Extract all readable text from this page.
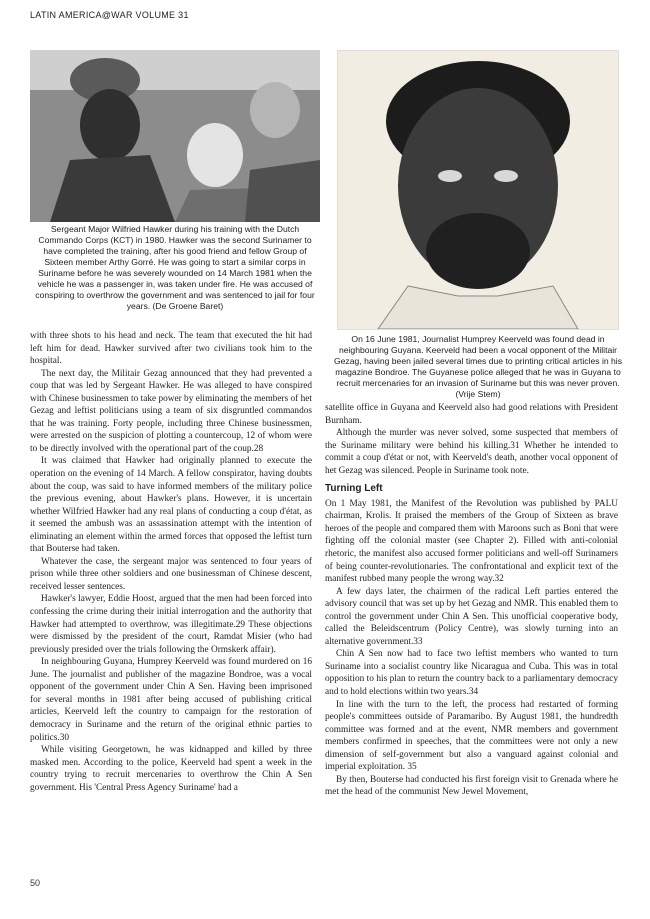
LATIN AMERICA@WAR VOLUME 31
Sergeant Major Wilfried Hawker during his training with the Dutch Commando Corps (KCT) in 1980. Hawker was the second Surinamer to have completed the training, after his good friend and fellow Group of Sixteen member Arthy Gorré. He was going to start a similar corps in Suriname before he was severely wounded on 14 March 1981 when the vehicle he was a passenger in, was taken under fire. He was accused of conspiring to overthrow the government and was sentenced to jail for four years. (De Groene Baret)
On 16 June 1981, Journalist Humprey Keerveld was found dead in neighbouring Guyana. Keerveld had been a vocal opponent of the Militair Gezag, having been jailed several times due to printing critical articles in his magazine Bondroe. The Guyanese police alleged that he was in Guyana to recruit mercenaries for an invasion of Suriname but this was never proven. (Vrije Stem)

with three shots to his head and neck. The team that executed the hit had left him for dead. Hawker survived after two civilians took him to the hospital.

The next day, the Militair Gezag announced that they had prevented a coup that was led by Sergeant Hawker. He was alleged to have conspired with Chinese businessmen to take power by eliminating the members of het Gezag and leftist politicians using a team of six disgruntled commandos that he was training. Forty people, including three Chinese businessmen, were arrested on the suspicion of plotting a countercoup, 12 of whom were to be directly involved with the operational part of the coup.28

It was claimed that Hawker had originally planned to execute the operation on the evening of 14 March. A fellow conspirator, having doubts about the coup, was said to have informed members of the military police the previous evening, about Hawker's plans. However, it is uncertain whether Wilfried Hawker had any real plans of conducting a coup d'état, as it seemed the ambush was an assassination attempt with the intention of eliminating an element within the armed forces that opposed the leftist turn that Bouterse had taken.

Whatever the case, the sergeant major was sentenced to four years of prison while three other soldiers and one businessman of Chinese descent, received lesser sentences.

Hawker's lawyer, Eddie Hoost, argued that the men had been forced into confessing the crime during their initial interrogation and the authority that Hawker had attempted to overthrow, was illegitimate.29 These objections were dismissed by the president of the court, Ramdat Misier (who had previously presided over the trials following the Ormskerk affair).

In neighbouring Guyana, Humprey Keerveld was found murdered on 16 June. The journalist and publisher of the magazine Bondroe, was a vocal opponent of the government under Chin A Sen. Having been imprisoned for several months in 1981 after being accused of publishing critical articles, Keerveld left the country to campaign for the restoration of democracy in Suriname and the return of the original ethnic parties to politics.30

While visiting Georgetown, he was kidnapped and killed by three masked men. According to the police, Keerveld had spent a week in the country trying to recruit mercenaries to overthrow the Chin A Sen government. His 'Central Press Agency Suriname' had a

satellite office in Guyana and Keerveld also had good relations with President Burnham.

Although the murder was never solved, some suspected that members of the Suriname military were behind his killing.31 Whether he intended to commit a coup d'état or not, with Keerveld's death, another vocal opponent of het Gezag was silenced. People in Suriname took note.

Turning Left

On 1 May 1981, the Manifest of the Revolution was published by PALU chairman, Krolis. It praised the members of the Group of Sixteen as brave heroes of the people and compared them with Maroons such as Boni that were fighting off the colonial master (see Chapter 2). Filled with anti-colonial rhetoric, the manifest also accused former politicians and well-off Surinamers of being counter-revolutionaries. The confrontational and explicit text of the manifest rubbed many people the wrong way.32

A few days later, the chairmen of the radical Left parties entered the advisory council that was set up by het Gezag and NMR. This enabled them to control the government under Chin A Sen. This unofficial cooperative body, called the Beleidscentrum (Policy Centre), was slowly turning into an alternative government.33

Chin A Sen now had to face two leftist members who wanted to turn Suriname into a socialist country like Nicaragua and Cuba. This was in total opposition to his plan to return the country back to a parliamentary democracy and to hold elections within two years.34

In line with the turn to the left, the process had restarted of forming people's committees outside of Paramaribo. By August 1981, the hundredth committee was formed and at the event, NMR members and government members confirmed in speeches, that the committees were not only a new dimension of self-government but also a vanguard against colonial and imperial exploitation. 35

By then, Bouterse had conducted his first foreign visit to Grenada where he met the head of the communist New Jewel Movement,

50
